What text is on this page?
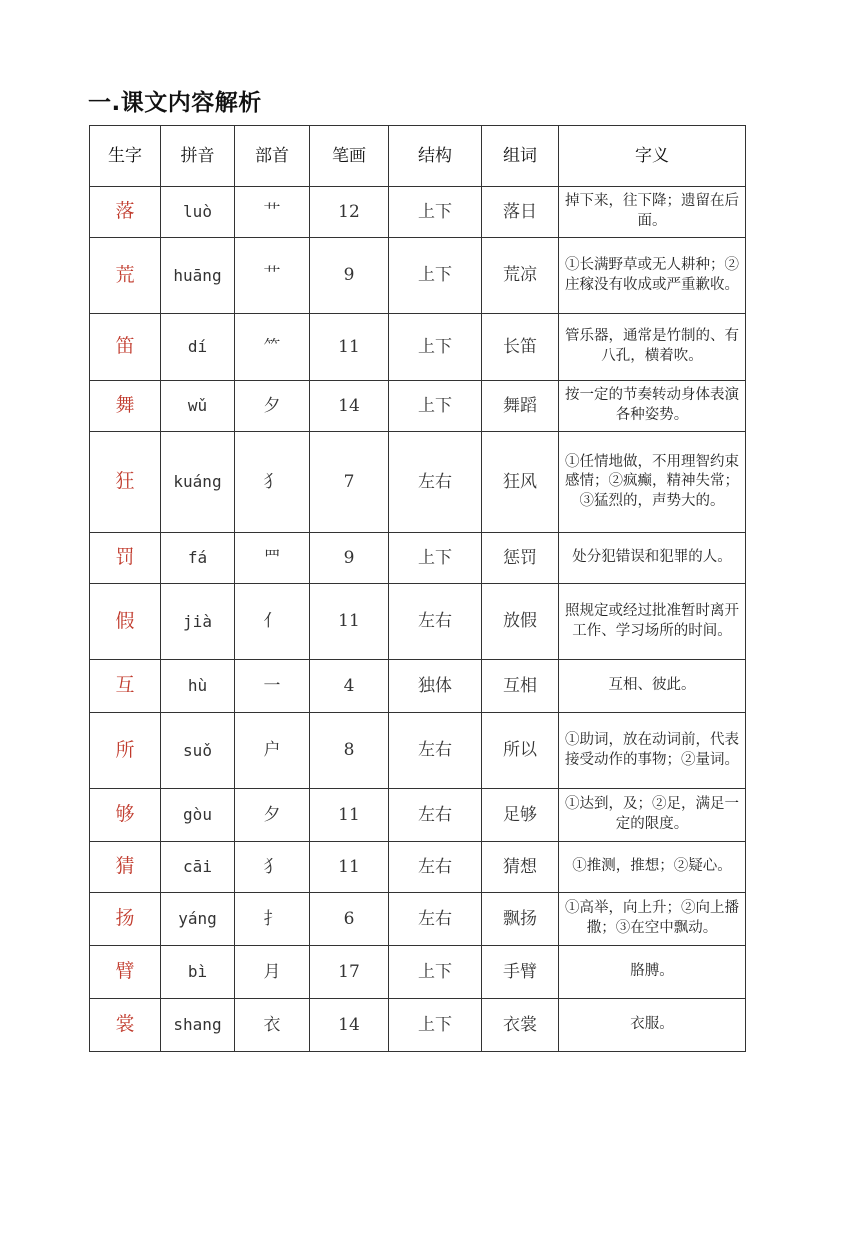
一.课文内容解析
生字	拼音	部首	笔画	结构	组词	字义
落	luò	艹	12	上下	落日	掉下来，往下降；遗留在后面。
荒	huāng	艹	9	上下	荒凉	①长满野草或无人耕种；②庄稼没有收成或严重歉收。
笛	dí	⺮	11	上下	长笛	管乐器，通常是竹制的、有八孔，横着吹。
舞	wǔ	夕	14	上下	舞蹈	按一定的节奏转动身体表演各种姿势。
狂	kuáng	犭	7	左右	狂风	①任情地做，不用理智约束感情；②疯癫，精神失常；③猛烈的，声势大的。
罚	fá	罒	9	上下	惩罚	处分犯错误和犯罪的人。
假	jià	亻	11	左右	放假	照规定或经过批准暂时离开工作、学习场所的时间。
互	hù	一	4	独体	互相	互相、彼此。
所	suǒ	户	8	左右	所以	①助词，放在动词前，代表接受动作的事物；②量词。
够	gòu	夕	11	左右	足够	①达到，及；②足，满足一定的限度。
猜	cāi	犭	11	左右	猜想	①推测，推想；②疑心。
扬	yáng	扌	6	左右	飘扬	①高举，向上升；②向上播撒；③在空中飘动。
臂	bì	月	17	上下	手臂	胳膊。
裳	shang	衣	14	上下	衣裳	衣服。
